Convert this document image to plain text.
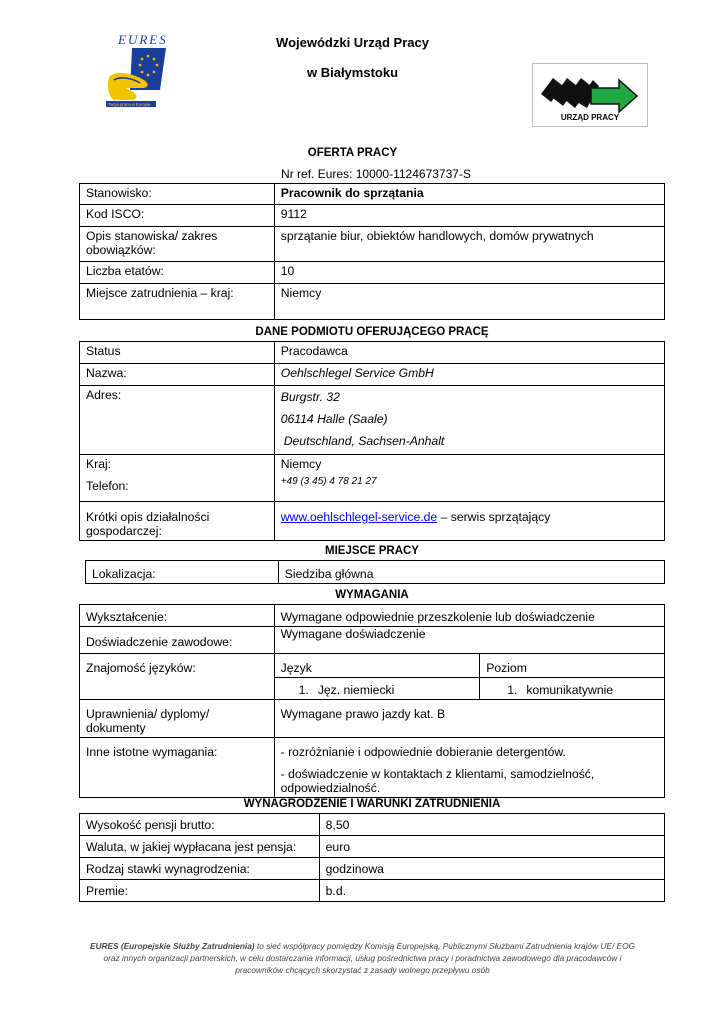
EURES
Twoja praca w Europie
Wojewódzki Urząd Pracy
w Białymstoku
URZĄD PRACY
OFERTA PRACY
Nr ref. Eures: 10000-1124673737-S
Stanowisko:	Pracownik do sprzątania
Kod ISCO:	9112
Opis stanowiska/ zakres obowiązków:	sprzątanie biur, obiektów handlowych, domów prywatnych
Liczba etatów:	10
Miejsce zatrudnienia – kraj:	Niemcy
DANE PODMIOTU OFERUJĄCEGO PRACĘ
Status	Pracodawca
Nazwa:	Oehlschlegel Service GmbH
Adres:	Burgstr. 32
06114 Halle (Saale)
Deutschland, Sachsen-Anhalt

Kraj:	Niemcy
Telefon:	+49 (3 45) 4 78 21 27
Krótki opis działalności gospodarczej:	www.oehlschlegel-service.de – serwis sprzątający
MIEJSCE PRACY
Lokalizacja:	Siedziba główna
WYMAGANIA
Wykształcenie:	Wymagane odpowiednie przeszkolenie lub doświadczenie	
Doświadczenie zawodowe:	Wymagane doświadczenie	
Znajomość języków:	Język	Poziom
	1. Jęz. niemiecki	1. komunikatywnie
Uprawnienia/ dyplomy/ dokumenty	Wymagane prawo jazdy kat. B	
Inne istotne wymagania:	- rozróżnianie i odpowiednie dobieranie detergentów.
- doświadczenie w kontaktach z klientami, samodzielność, odpowiedzialność.	
WYNAGRODZENIE I WARUNKI ZATRUDNIENIA
Wysokość pensji brutto:	8,50
Waluta, w jakiej wypłacana jest pensja:	euro
Rodzaj stawki wynagrodzenia:	godzinowa
Premie:	b.d.
EURES (Europejskie Służby Zatrudnienia) to sieć współpracy pomiędzy Komisją Europejską, Publicznymi Służbami Zatrudnienia krajów UE/ EOG
oraz innych organizacji partnerskich, w celu dostarczania informacji, usług pośrednictwa pracy i poradnictwa zawodowego dla pracodawców i
pracowników chcących skorzystać z zasady wolnego przepływu osób
